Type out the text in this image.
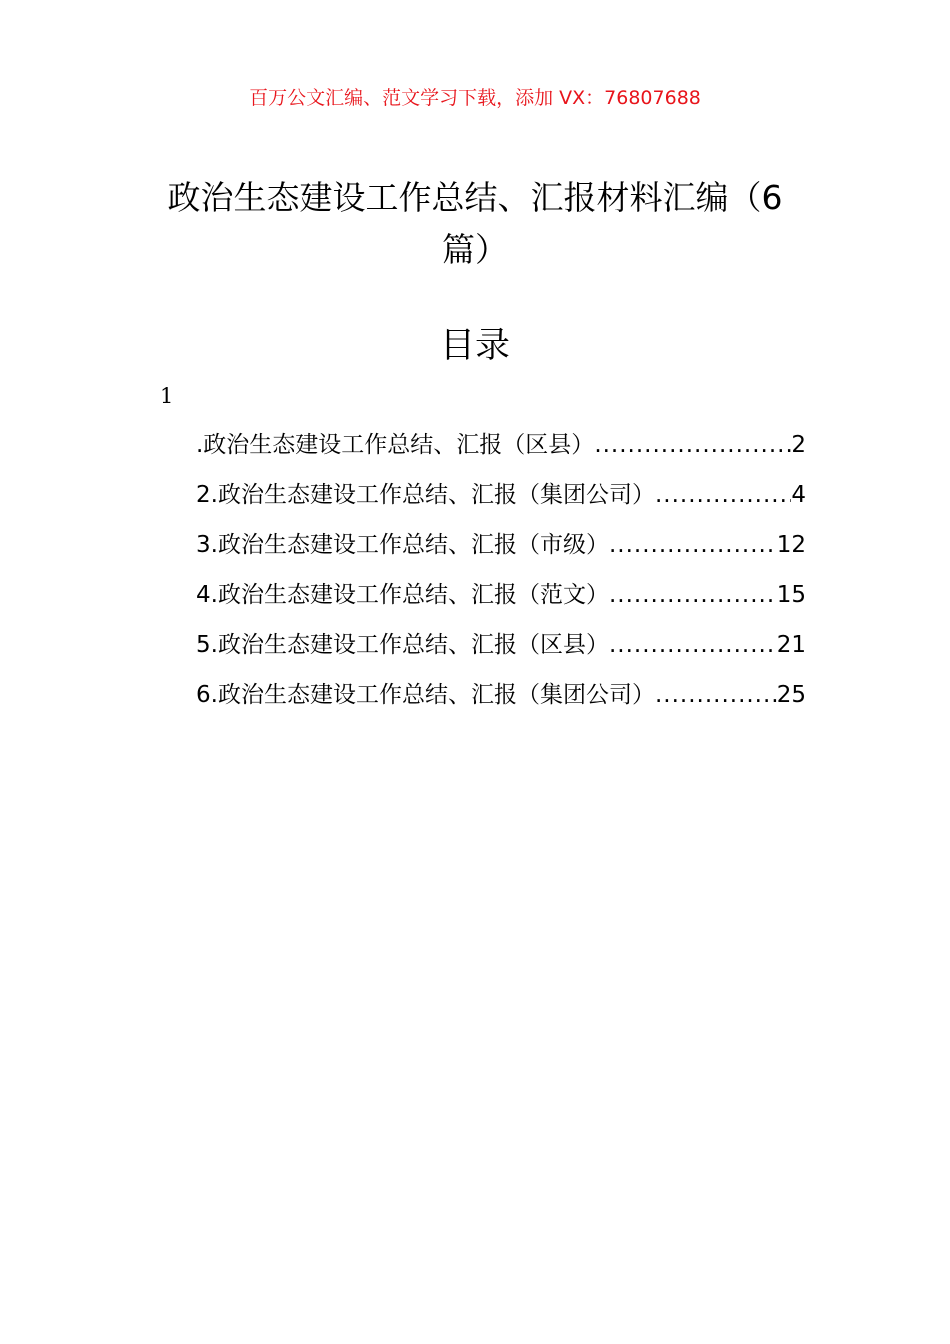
百万公文汇编、范文学习下载，添加 VX：76807688
政治生态建设工作总结、汇报材料汇编（6 篇）
目录
1
.政治生态建设工作总结、汇报（区县） .....	2
2.政治生态建设工作总结、汇报（集团公司） .....	4
3.政治生态建设工作总结、汇报（市级） .....	12
4.政治生态建设工作总结、汇报（范文） .....	15
5.政治生态建设工作总结、汇报（区县） .....	21
6.政治生态建设工作总结、汇报（集团公司） .....	25
